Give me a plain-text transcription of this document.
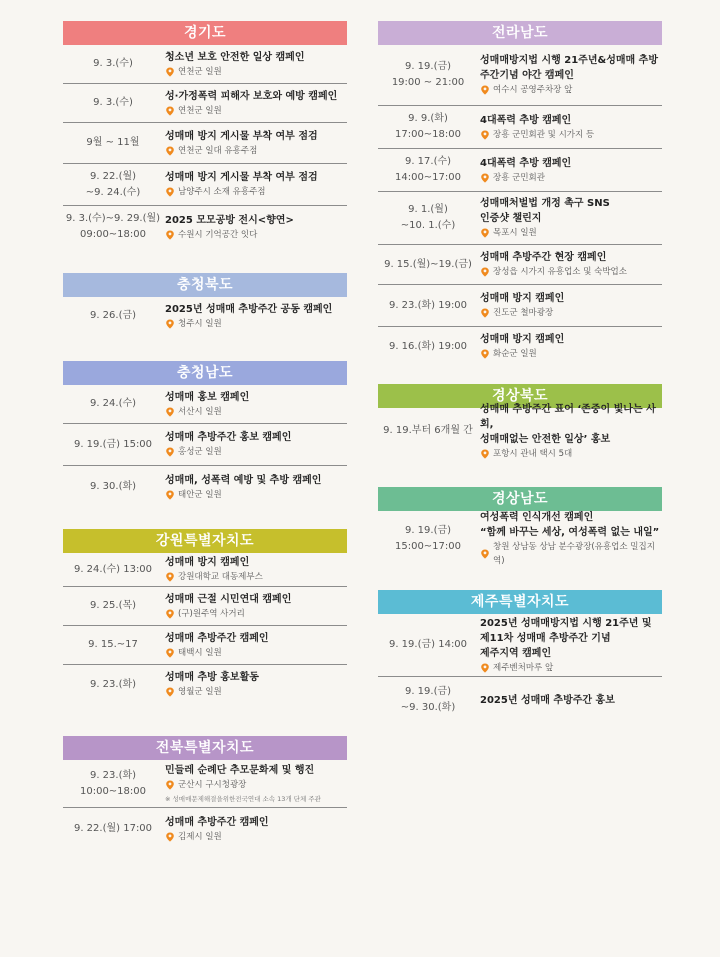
경기도
9. 3.(수)
청소년 보호 안전한 일상 캠페인
연천군 일원
9. 3.(수)
성·가정폭력 피해자 보호와 예방 캠페인
연천군 일원
9월 ~ 11월
성매매 방지 게시물 부착 여부 점검
연천군 일대 유흥주점
9. 22.(월)
~9. 24.(수)
성매매 방지 게시물 부착 여부 점검
남양주시 소재 유흥주점
9. 3.(수)~9. 29.(월)
09:00~18:00
2025 모모공방 전시<향연>
수원시 기억공간 잇다
충청북도
9. 26.(금)
2025년 성매매 추방주간 공동 캠페인
청주시 일원
충청남도
9. 24.(수)
성매매 홍보 캠페인
서산시 일원
9. 19.(금) 15:00
성매매 추방주간 홍보 캠페인
홍성군 일원
9. 30.(화)
성매매, 성폭력 예방 및 추방 캠페인
태안군 일원
강원특별자치도
9. 24.(수) 13:00
성매매 방지 캠페인
강원대학교 대동제부스
9. 25.(목)
성매매 근절 시민연대 캠페인
(구)원주역 사거리
9. 15.~17
성매매 추방주간 캠페인
태백시 일원
9. 23.(화)
성매매 추방 홍보활동
영월군 일원
전북특별자치도
9. 23.(화)
10:00~18:00
민들레 순례단 추모문화제 및 행진
군산시 구시청광장
※ 성매매문제해결을위한전국연대 소속 13개 단체 주관
9. 22.(월) 17:00
성매매 추방주간 캠페인
김제시 일원
전라남도
9. 19.(금)
19:00 ~ 21:00
성매매방지법 시행 21주년&성매매 추방
주간기념 야간 캠페인
여수시 공영주차장 앞
9. 9.(화)
17:00~18:00
4대폭력 추방 캠페인
장흥 군민회관 및 시가지 등
9. 17.(수)
14:00~17:00
4대폭력 추방 캠페인
장흥 군민회관
9. 1.(월)
~10. 1.(수)
성매매처벌법 개정 촉구 SNS
인증샷 챌린지
목포시 일원
9. 15.(월)~19.(금)
성매매 추방주간 현장 캠페인
장성읍 시가지 유흥업소 및 숙박업소
9. 23.(화) 19:00
성매매 방지 캠페인
진도군 철마광장
9. 16.(화) 19:00
성매매 방지 캠페인
화순군 일원
경상북도
9. 19.부터 6개월 간
성매매 추방주간 표어 ‘존중이 빛나는 사회,
성매매없는 안전한 일상’ 홍보
포항시 관내 택시 5대
경상남도
9. 19.(금)
15:00~17:00
여성폭력 인식개선 캠페인
“함께 바꾸는 세상, 여성폭력 없는 내일”
창원 상남동 상남 분수광장(유흥업소 밀집지역)
제주특별자치도
9. 19.(금) 14:00
2025년 성매매방지법 시행 21주년 및
제11차 성매매 추방주간 기념
제주지역 캠페인
제주벤처마루 앞
9. 19.(금)
~9. 30.(화)
2025년 성매매 추방주간 홍보
